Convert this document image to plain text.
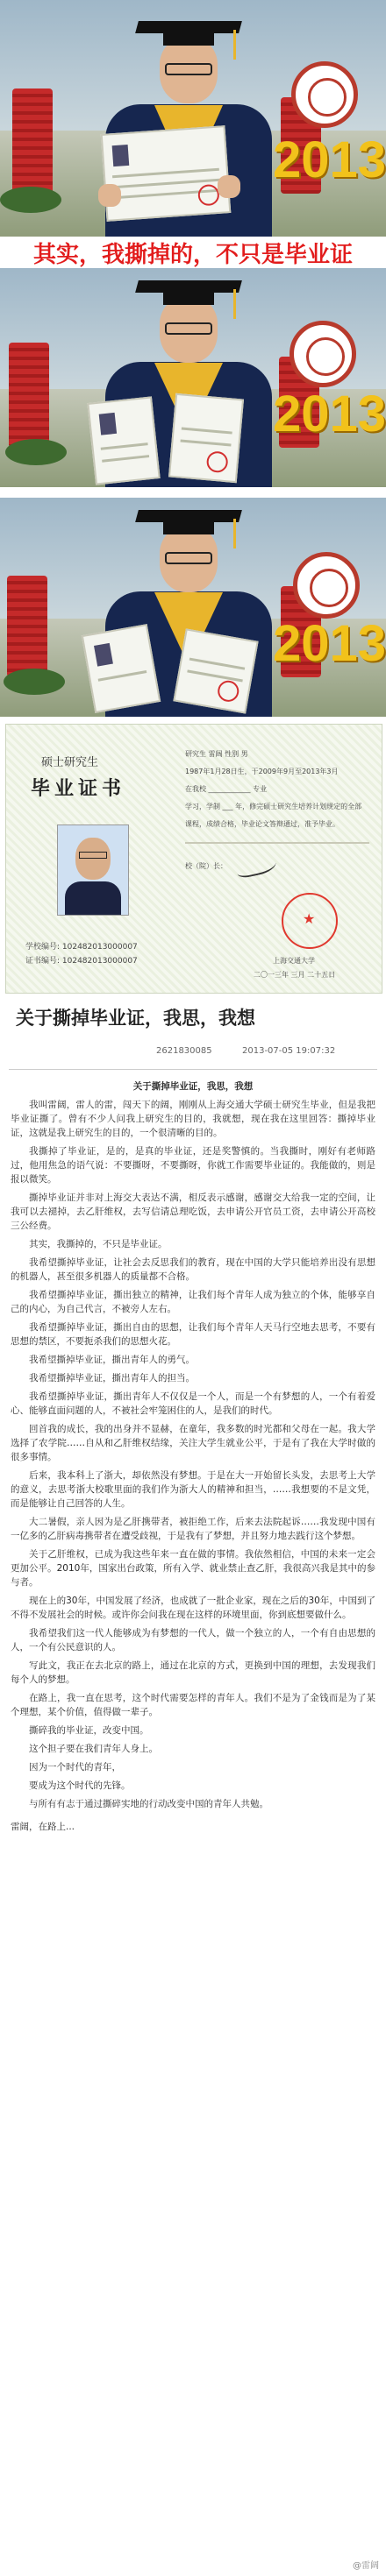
2013
其实，我撕掉的，不只是毕业证
2013
2013
硕士研究生
毕业证书
学校编号: 102482013000007
证书编号: 102482013000007
研究生 雷阔 性别 男
1987年1月28日生，于2009年9月至2013年3月
在我校 ____________ 专业
学习，学制 ___ 年，修完硕士研究生培养计划规定的全部
课程，成绩合格，毕业论文答辩通过，准予毕业。
校（院）长：
★
上海交通大学
二〇一三年 三月 二十五日
关于撕掉毕业证，我思，我想
2621830085	2013-07-05 19:07:32

关于撕掉毕业证，我思，我想

我叫雷阔，雷人的雷，闯天下的阔，刚刚从上海交通大学硕士研究生毕业，但是我把毕业证撕了。曾有不少人问我上研究生的目的，我就想，现在我在这里回答：撕掉毕业证，这就是我上研究生的目的，一个很清晰的目的。

我撕掉了毕业证，是的，是真的毕业证，还是奖警慎的。当我撕时，刚好有老师路过，他用焦急的语气说：不要撕呀，不要撕呀，你就工作需要毕业证的。我能做的，则是报以微笑。

撕掉毕业证并非对上海交大表达不满，相反表示感谢，感谢交大给我一定的空间，让我可以去褪掉，去乙肝维权，去写信请总理吃饭，去申请公开官员工资，去申请公开高校三公经费。

其实，我撕掉的，不只是毕业证。

我希望撕掉毕业证，让社会去反思我们的教育，现在中国的大学只能培养出没有思想的机器人，甚至很多机器人的质量都不合格。

我希望撕掉毕业证，撕出独立的精神，让我们每个青年人成为独立的个体，能够享自己的内心，为自己代言，不被旁人左右。

我希望撕掉毕业证，撕出自由的思想，让我们每个青年人天马行空地去思考，不要有思想的禁区，不要扼杀我们的思想火花。

我希望撕掉毕业证，撕出青年人的勇气。

我希望撕掉毕业证，撕出青年人的担当。

我希望撕掉毕业证，撕出青年人不仅仅是一个人，而是一个有梦想的人，一个有着爱心、能够直面问题的人，不被社会牢笼困住的人，是我们的时代。

回首我的成长，我的出身并不显赫，在童年，我多数的时光都和父母在一起。我大学选择了农学院……自从和乙肝维权结缘，关注大学生就业公平，于是有了我在大学时做的很多事情。

后来，我本科上了浙大，却依然没有梦想。于是在大一开始留长头发，去思考上大学的意义，去思考浙大校歌里面的我们作为浙大人的精神和担当，……我想要的不是文凭，而是能够让自己回答的人生。

大二暑假，亲人因为是乙肝携带者，被拒绝工作，后来去法院起诉……我发现中国有一亿多的乙肝病毒携带者在遭受歧视，于是我有了梦想，并且努力地去践行这个梦想。

关于乙肝维权，已成为我这些年来一直在做的事情。我依然相信，中国的未来一定会更加公平。2010年，国家出台政策，所有入学、就业禁止查乙肝，我很高兴我是其中的参与者。

现在上的30年，中国发展了经济，也成就了一批企业家，现在之后的30年，中国到了不得不发展社会的时候。或许你会问我在现在这样的环境里面，你到底想要做什么。

我希望我们这一代人能够成为有梦想的一代人，做一个独立的人，一个有自由思想的人，一个有公民意识的人。

写此文，我正在去北京的路上，通过在北京的方式，更换到中国的理想，去发现我们每个人的梦想。

在路上，我一直在思考，这个时代需要怎样的青年人。我们不是为了金钱而是为了某个理想，某个价值，值得做一辈子。

撕碎我的毕业证，改变中国。

这个担子要在我们青年人身上。

因为一个时代的青年，

要成为这个时代的先锋。

与所有有志于通过撕碎实地的行动改变中国的青年人共勉。

雷阔，在路上...

@雷阔
